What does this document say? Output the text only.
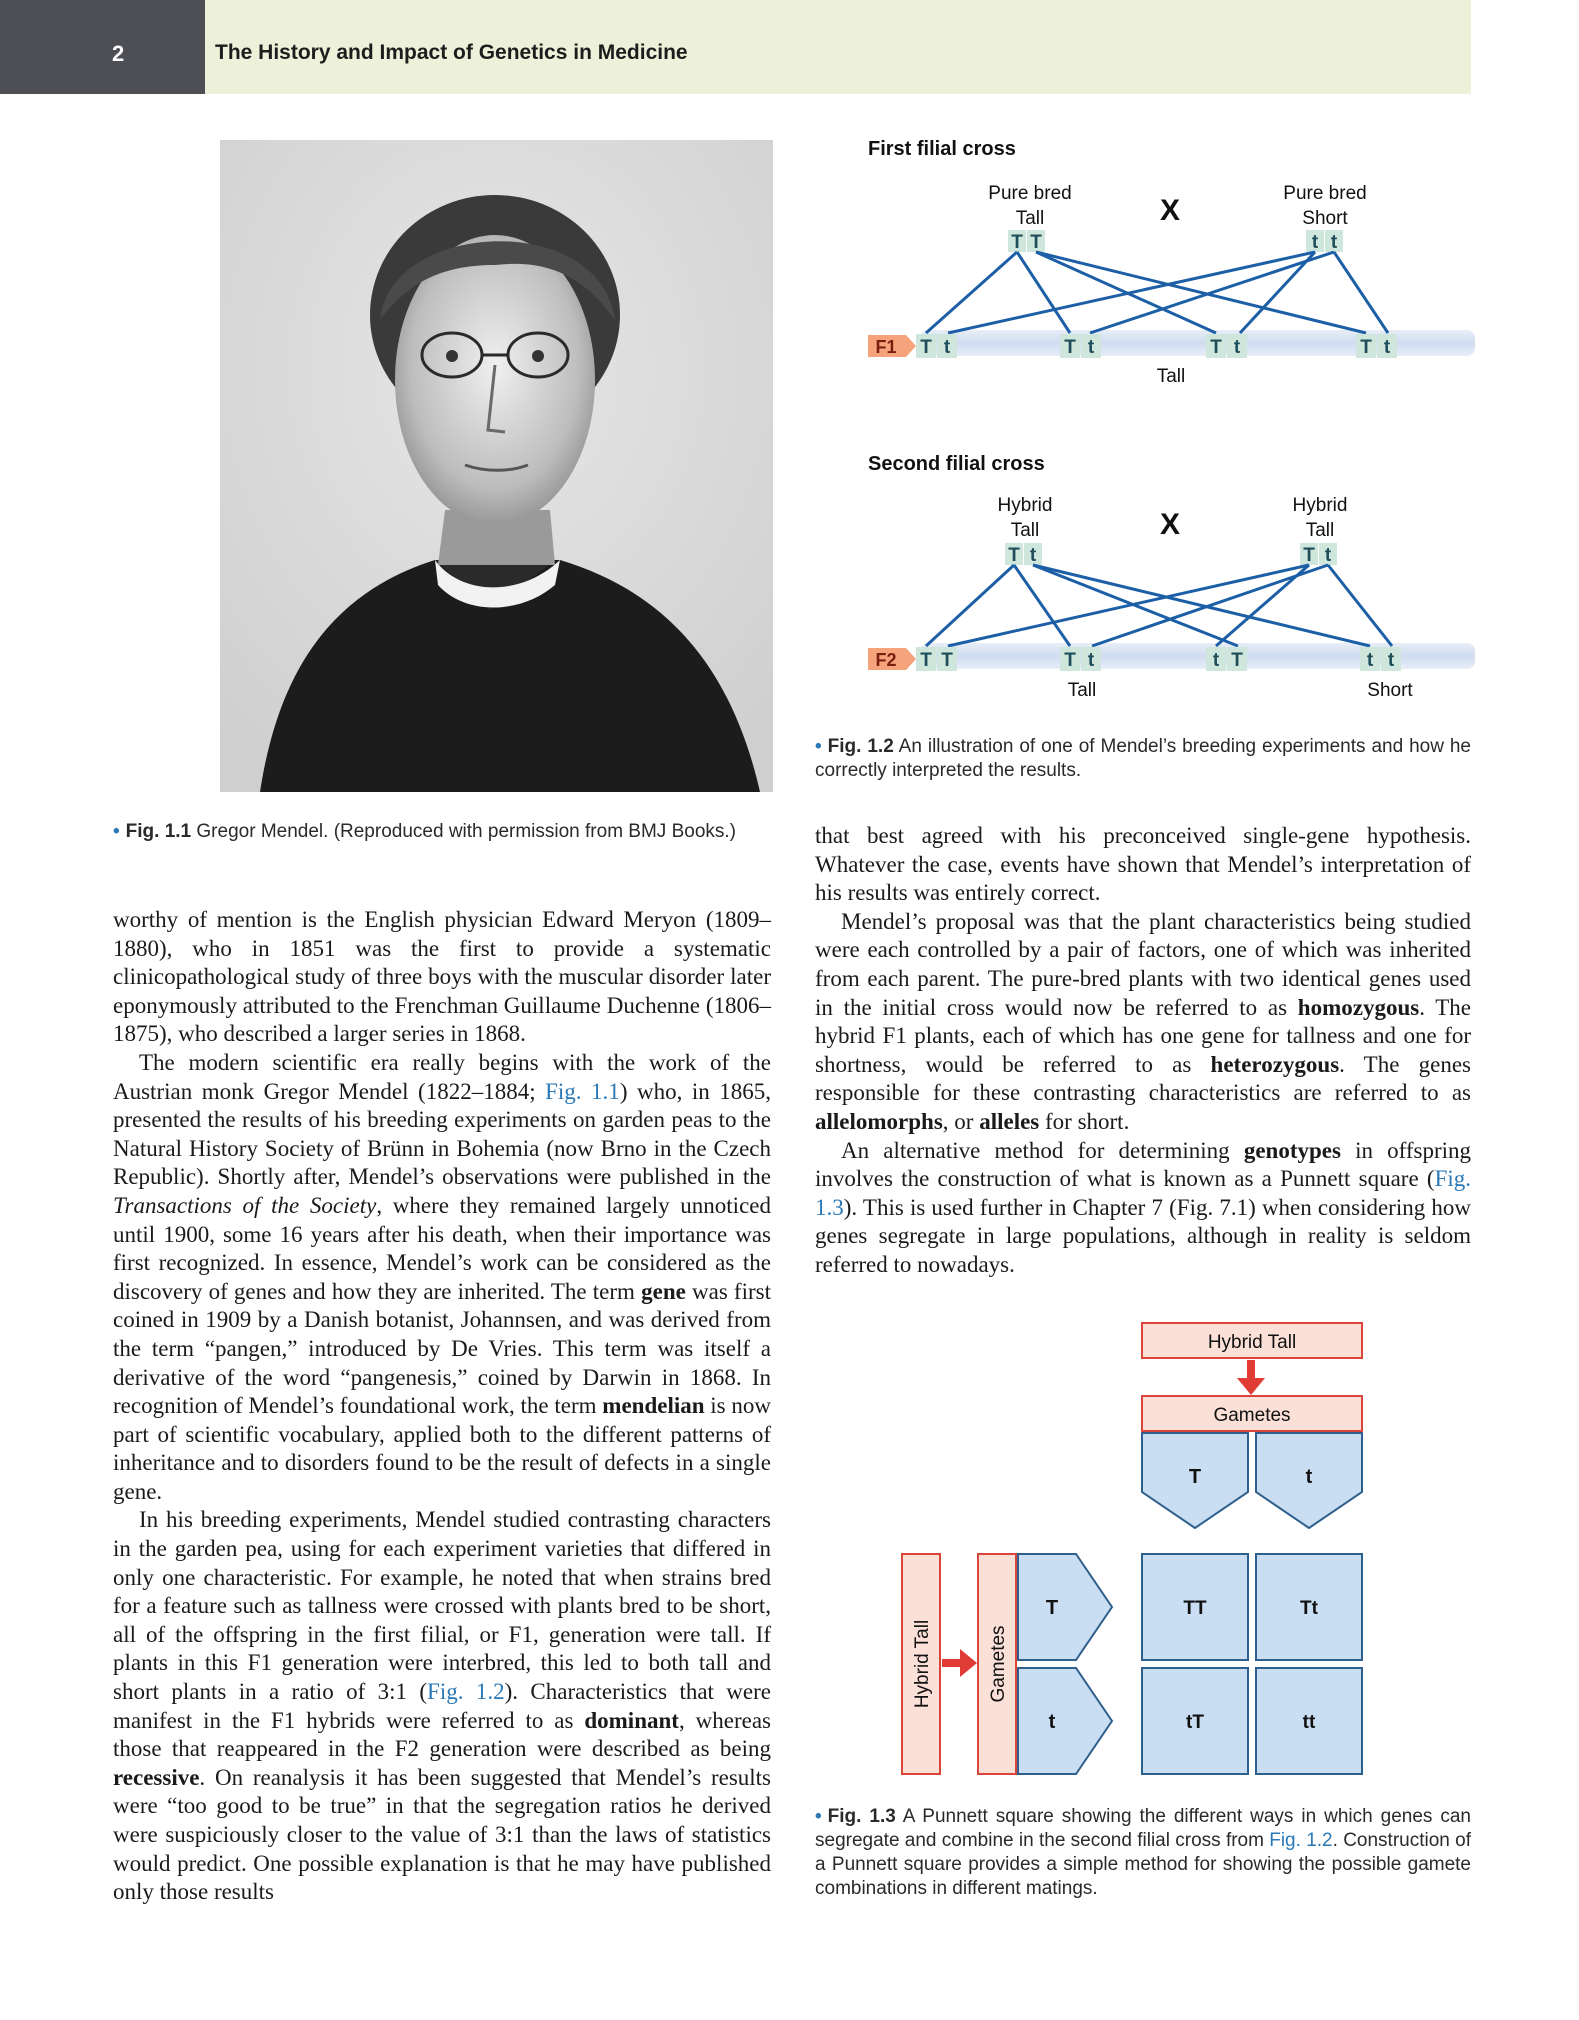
2	The History and Impact of Genetics in Medicine
• Fig. 1.1 Gregor Mendel. (Reproduced with permission from BMJ Books.)
First filial cross
Pure bred
Tall	X
Pure bred
Short
T T	t t
F1 T t	T t	T t	T t
Tall
Second filial cross
Hybrid
Tall	X
Hybrid
Tall
T t	T t
F2 T T	T t	t T	t t
Tall	Short
• Fig. 1.2 An illustration of one of Mendel’s breeding experiments and how he correctly interpreted the results.

worthy of mention is the English physician Edward Meryon (1809–1880), who in 1851 was the first to provide a systematic clinicopathological study of three boys with the muscular disorder later eponymously attributed to the Frenchman Guillaume Duchenne (1806–1875), who described a larger series in 1868.

The modern scientific era really begins with the work of the Austrian monk Gregor Mendel (1822–1884; Fig. 1.1) who, in 1865, presented the results of his breeding experiments on garden peas to the Natural History Society of Brünn in Bohemia (now Brno in the Czech Republic). Shortly after, Mendel’s observations were published in the Transactions of the Society, where they remained largely unnoticed until 1900, some 16 years after his death, when their importance was first recognized. In essence, Mendel’s work can be considered as the discovery of genes and how they are inherited. The term gene was first coined in 1909 by a Danish botanist, Johannsen, and was derived from the term “pangen,” introduced by De Vries. This term was itself a derivative of the word “pangenesis,” coined by Darwin in 1868. In recognition of Mendel’s foundational work, the term mendelian is now part of scientific vocabulary, applied both to the different patterns of inheritance and to disorders found to be the result of defects in a single gene.

In his breeding experiments, Mendel studied contrasting characters in the garden pea, using for each experiment varieties that differed in only one characteristic. For example, he noted that when strains bred for a feature such as tallness were crossed with plants bred to be short, all of the offspring in the first filial, or F1, generation were tall. If plants in this F1 generation were interbred, this led to both tall and short plants in a ratio of 3:1 (Fig. 1.2). Characteristics that were manifest in the F1 hybrids were referred to as dominant, whereas those that reappeared in the F2 generation were described as being recessive. On reanalysis it has been suggested that Mendel’s results were “too good to be true” in that the segregation ratios he derived were suspiciously closer to the value of 3:1 than the laws of statistics would predict. One possible explanation is that he may have published only those results

that best agreed with his preconceived single-gene hypothesis. Whatever the case, events have shown that Mendel’s interpretation of his results was entirely correct.

Mendel’s proposal was that the plant characteristics being studied were each controlled by a pair of factors, one of which was inherited from each parent. The pure-bred plants with two identical genes used in the initial cross would now be referred to as homozygous. The hybrid F1 plants, each of which has one gene for tallness and one for shortness, would be referred to as heterozygous. The genes responsible for these contrasting characteristics are referred to as allelomorphs, or alleles for short.

An alternative method for determining genotypes in offspring involves the construction of what is known as a Punnett square (Fig. 1.3). This is used further in Chapter 7 (Fig. 7.1) when considering how genes segregate in large populations, although in reality is seldom referred to nowadays.

Hybrid Tall
Gametes
T	t
Hybrid Tall	Gametes
T
t
TT	Tt
tT	tt
• Fig. 1.3 A Punnett square showing the different ways in which genes can segregate and combine in the second filial cross from Fig. 1.2. Construction of a Punnett square provides a simple method for showing the possible gamete combinations in different matings.
